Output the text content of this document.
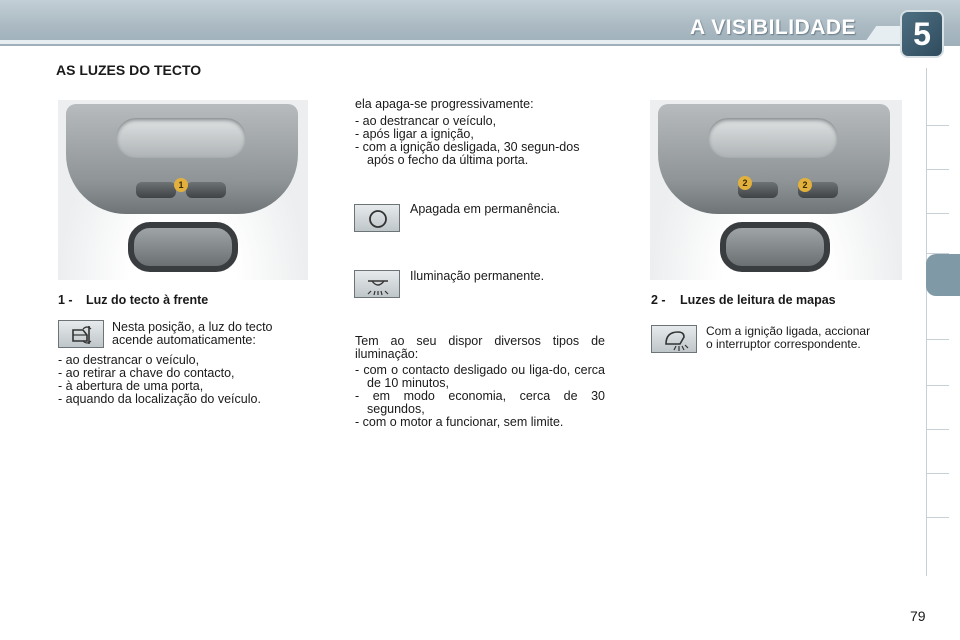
A VISIBILIDADE	5
AS LUZES DO TECTO
1	2	2
1 - Luz do tecto à frente
Nesta posição, a luz do tecto
acende automaticamente:
- ao destrancar o veículo,
- ao retirar a chave do contacto,
- à abertura de uma porta,
- aquando da localização do veículo.
ela apaga-se progressivamente:
- ao destrancar o veículo,
- após ligar a ignição,
- com a ignição desligada, 30 segun-dos após o fecho da última porta.
Apagada em permanência.
Iluminação permanente.
Tem ao seu dispor diversos tipos de iluminação:
- com o contacto desligado ou liga-do, cerca de 10 minutos,
- em modo economia, cerca de 30 segundos,
- com o motor a funcionar, sem limite.
2 - Luzes de leitura de mapas
Com a ignição ligada, accionar
o interruptor correspondente.
79
